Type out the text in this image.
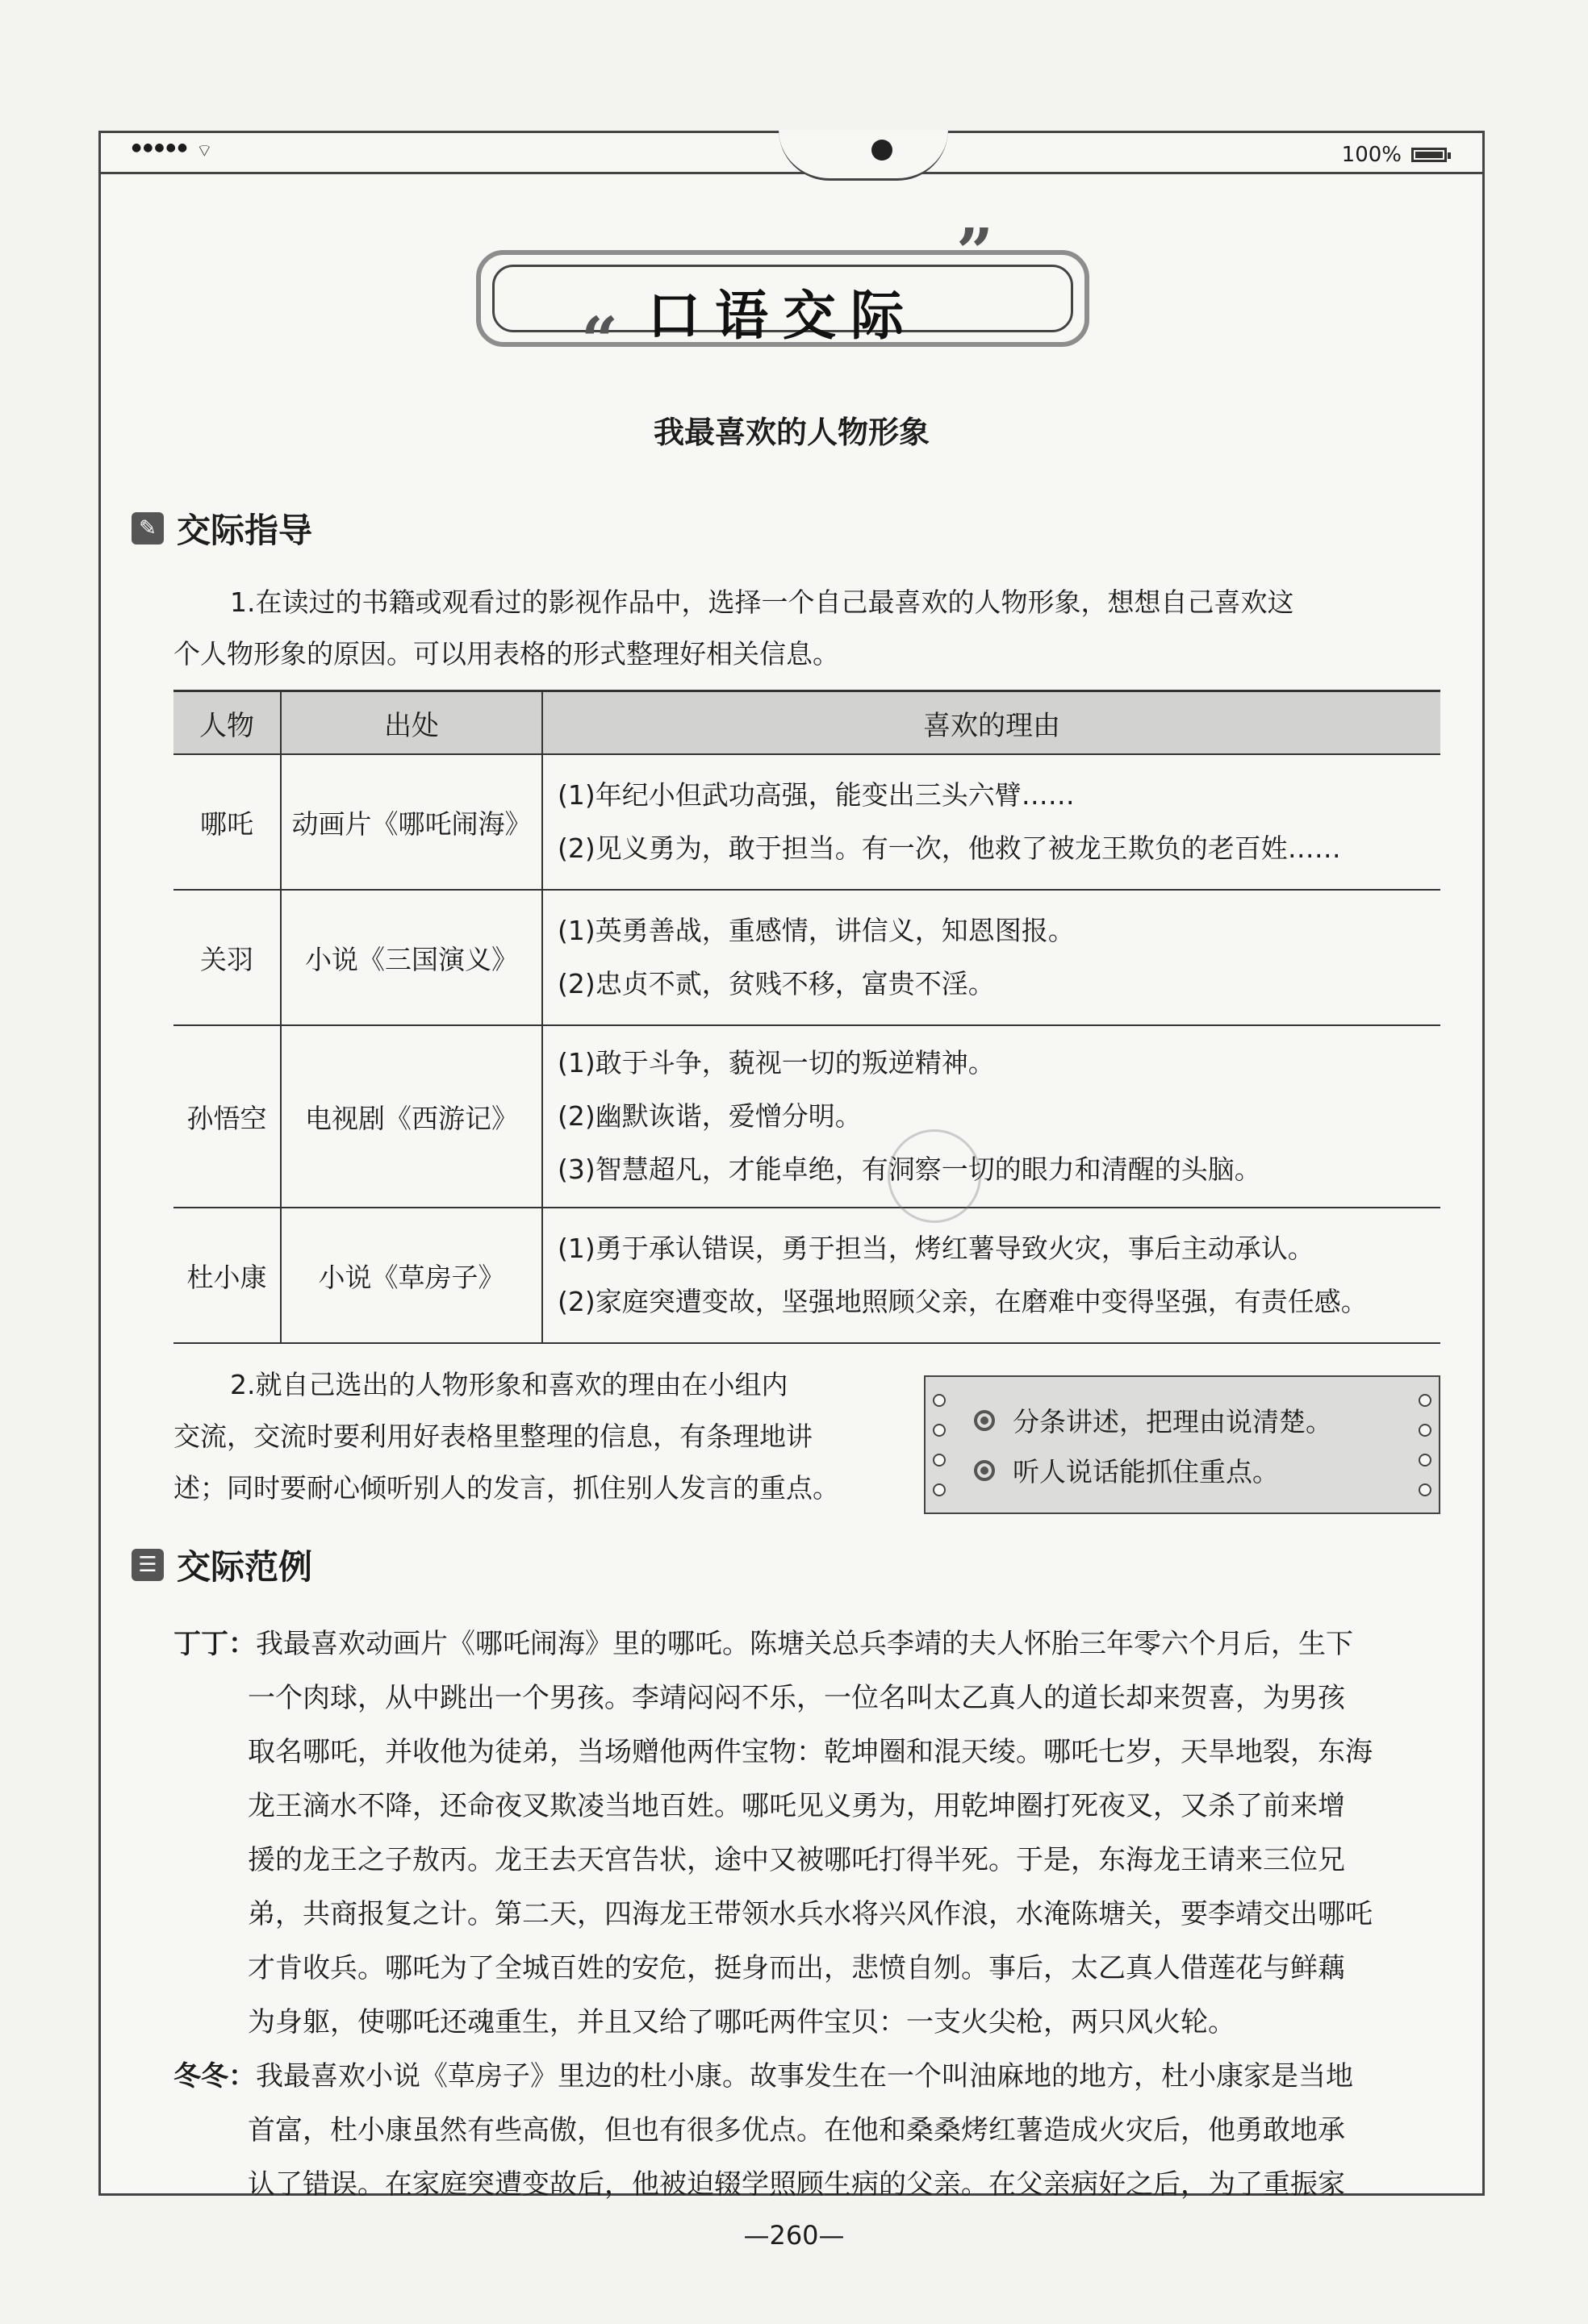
●●●●● ⌔	100%
口语交际
”
“
我最喜欢的人物形象
✎ 交际指导
1.在读过的书籍或观看过的影视作品中，选择一个自己最喜欢的人物形象，想想自己喜欢这
个人物形象的原因。可以用表格的形式整理好相关信息。
人物	出处	喜欢的理由
哪吒	动画片《哪吒闹海》	(1)年纪小但武功高强，能变出三头六臂……
(2)见义勇为，敢于担当。有一次，他救了被龙王欺负的老百姓……

关羽	小说《三国演义》	(1)英勇善战，重感情，讲信义，知恩图报。
(2)忠贞不贰，贫贱不移，富贵不淫。

孙悟空	电视剧《西游记》	(1)敢于斗争，藐视一切的叛逆精神。
(2)幽默诙谐，爱憎分明。
(3)智慧超凡，才能卓绝，有洞察一切的眼力和清醒的头脑。

杜小康	小说《草房子》	(1)勇于承认错误，勇于担当，烤红薯导致火灾，事后主动承认。
(2)家庭突遭变故，坚强地照顾父亲，在磨难中变得坚强，有责任感。
2.就自己选出的人物形象和喜欢的理由在小组内
交流，交流时要利用好表格里整理的信息，有条理地讲
述；同时要耐心倾听别人的发言，抓住别人发言的重点。
分条讲述，把理由说清楚。
听人说话能抓住重点。
☰ 交际范例
丁丁：我最喜欢动画片《哪吒闹海》里的哪吒。陈塘关总兵李靖的夫人怀胎三年零六个月后，生下
一个肉球，从中跳出一个男孩。李靖闷闷不乐，一位名叫太乙真人的道长却来贺喜，为男孩
取名哪吒，并收他为徒弟，当场赠他两件宝物：乾坤圈和混天绫。哪吒七岁，天旱地裂，东海
龙王滴水不降，还命夜叉欺凌当地百姓。哪吒见义勇为，用乾坤圈打死夜叉，又杀了前来增
援的龙王之子敖丙。龙王去天宫告状，途中又被哪吒打得半死。于是，东海龙王请来三位兄
弟，共商报复之计。第二天，四海龙王带领水兵水将兴风作浪，水淹陈塘关，要李靖交出哪吒
才肯收兵。哪吒为了全城百姓的安危，挺身而出，悲愤自刎。事后，太乙真人借莲花与鲜藕
为身躯，使哪吒还魂重生，并且又给了哪吒两件宝贝：一支火尖枪，两只风火轮。
冬冬：我最喜欢小说《草房子》里边的杜小康。故事发生在一个叫油麻地的地方，杜小康家是当地
首富，杜小康虽然有些高傲，但也有很多优点。在他和桑桑烤红薯造成火灾后，他勇敢地承
认了错误。在家庭突遭变故后，他被迫辍学照顾生病的父亲。在父亲病好之后，为了重振家
—260—
